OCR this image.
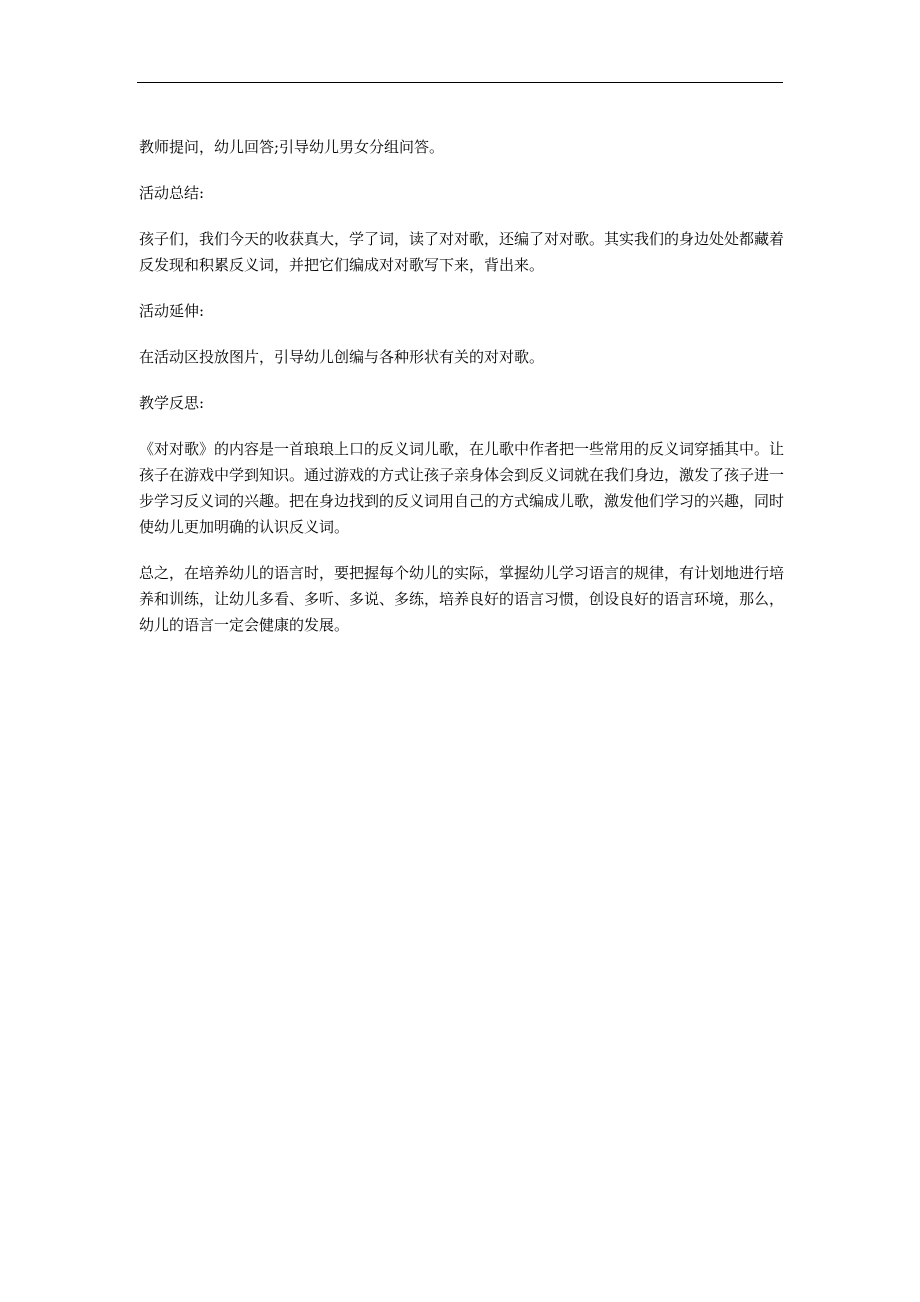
教师提问，幼儿回答;引导幼儿男女分组问答。

活动总结:

孩子们，我们今天的收获真大，学了词，读了对对歌，还编了对对歌。其实我们的身边处处都藏着反发现和积累反义词，并把它们编成对对歌写下来，背出来。

活动延伸:

在活动区投放图片，引导幼儿创编与各种形状有关的对对歌。

教学反思:

《对对歌》的内容是一首琅琅上口的反义词儿歌，在儿歌中作者把一些常用的反义词穿插其中。让孩子在游戏中学到知识。通过游戏的方式让孩子亲身体会到反义词就在我们身边，激发了孩子进一步学习反义词的兴趣。把在身边找到的反义词用自己的方式编成儿歌，激发他们学习的兴趣，同时使幼儿更加明确的认识反义词。

总之，在培养幼儿的语言时，要把握每个幼儿的实际，掌握幼儿学习语言的规律，有计划地进行培养和训练，让幼儿多看、多听、多说、多练，培养良好的语言习惯，创设良好的语言环境，那么，幼儿的语言一定会健康的发展。
